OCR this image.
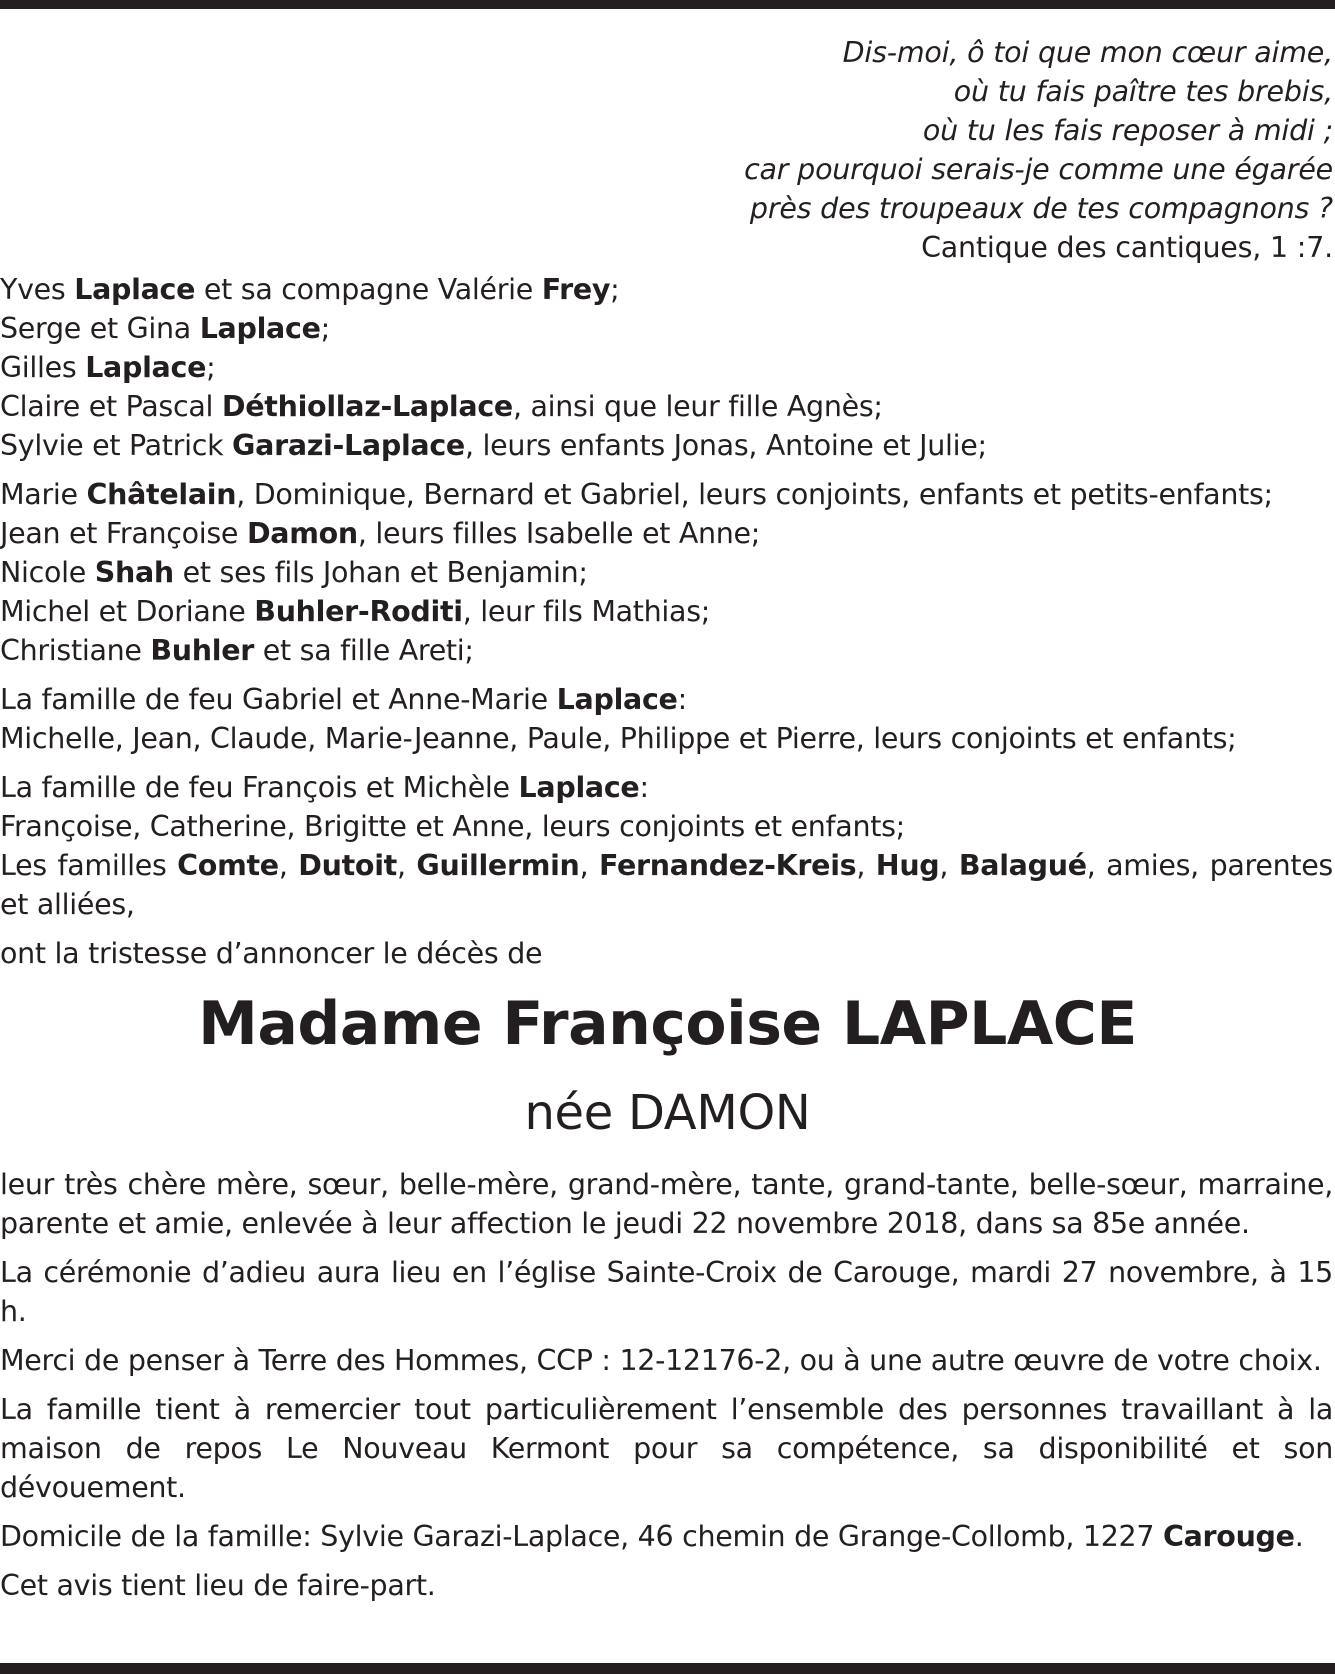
Dis-moi, ô toi que mon cœur aime,
où tu fais paître tes brebis,
où tu les fais reposer à midi ;
car pourquoi serais-je comme une égarée
près des troupeaux de tes compagnons ?
Cantique des cantiques, 1 :7.
Yves Laplace et sa compagne Valérie Frey;
Serge et Gina Laplace;
Gilles Laplace;
Claire et Pascal Déthiollaz-Laplace, ainsi que leur fille Agnès;
Sylvie et Patrick Garazi-Laplace, leurs enfants Jonas, Antoine et Julie;
Marie Châtelain, Dominique, Bernard et Gabriel, leurs conjoints, enfants et petits-enfants;
Jean et Françoise Damon, leurs filles Isabelle et Anne;
Nicole Shah et ses fils Johan et Benjamin;
Michel et Doriane Buhler-Roditi, leur fils Mathias;
Christiane Buhler et sa fille Areti;
La famille de feu Gabriel et Anne-Marie Laplace:
Michelle, Jean, Claude, Marie-Jeanne, Paule, Philippe et Pierre, leurs conjoints et enfants;
La famille de feu François et Michèle Laplace:
Françoise, Catherine, Brigitte et Anne, leurs conjoints et enfants;
Les familles Comte, Dutoit, Guillermin, Fernandez-Kreis, Hug, Balagué, amies, parentes et alliées,
ont la tristesse d’annoncer le décès de
Madame Françoise LAPLACE
née DAMON

leur très chère mère, sœur, belle-mère, grand-mère, tante, grand-tante, belle-sœur, marraine, parente et amie, enlevée à leur affection le jeudi 22 novembre 2018, dans sa 85e année.

La cérémonie d’adieu aura lieu en l’église Sainte-Croix de Carouge, mardi 27 novembre, à 15 h.

Merci de penser à Terre des Hommes, CCP : 12-12176-2, ou à une autre œuvre de votre choix.

La famille tient à remercier tout particulièrement l’ensemble des personnes travaillant à la maison de repos Le Nouveau Kermont pour sa compétence, sa disponibilité et son dévouement.

Domicile de la famille: Sylvie Garazi-Laplace, 46 chemin de Grange-Collomb, 1227 Carouge.

Cet avis tient lieu de faire-part.
